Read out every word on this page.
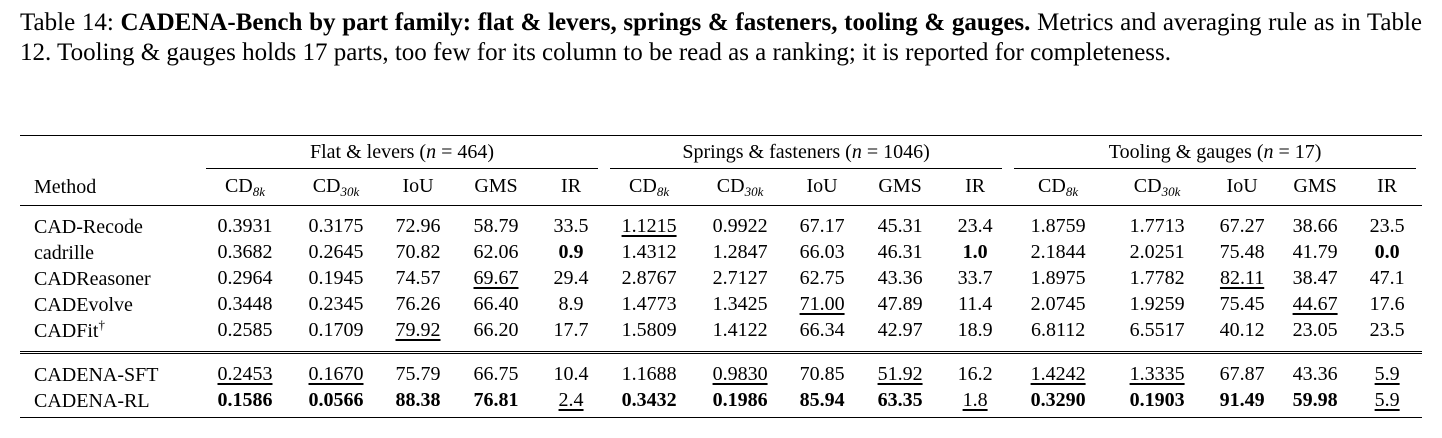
Table 14: CADENA-Bench by part family: flat & levers, springs & fasteners, tooling & gauges. Metrics and averaging rule as in Table 12. Tooling & gauges holds 17 parts, too few for its column to be read as a ranking; it is reported for completeness.
	Flat & levers (n = 464)					Springs & fasteners (n = 1046)					Tooling & gauges (n = 17)				

Method	$CD_{8k}$	$CD_{30k}$	IoU	GMS	IR	$CD_{8k}$	$CD_{30k}$	IoU	GMS	IR	$CD_{8k}$	$CD_{30k}$	IoU	GMS	IR
CAD-Recode	0.3931	0.3175	72.96	58.79	33.5	1.1215	0.9922	67.17	45.31	23.4	1.8759	1.7713	67.27	38.66	23.5
cadrille	0.3682	0.2645	70.82	62.06	0.9	1.4312	1.2847	66.03	46.31	1.0	2.1844	2.0251	75.48	41.79	0.0
CADReasoner	0.2964	0.1945	74.57	69.67	29.4	2.8767	2.7127	62.75	43.36	33.7	1.8975	1.7782	82.11	38.47	47.1
CADEvolve	0.3448	0.2345	76.26	66.40	8.9	1.4773	1.3425	71.00	47.89	11.4	2.0745	1.9259	75.45	44.67	17.6
CADFit†	0.2585	0.1709	79.92	66.20	17.7	1.5809	1.4122	66.34	42.97	18.9	6.8112	6.5517	40.12	23.05	23.5
CADENA-SFT	0.2453	0.1670	75.79	66.75	10.4	1.1688	0.9830	70.85	51.92	16.2	1.4242	1.3335	67.87	43.36	5.9
CADENA-RL	0.1586	0.0566	88.38	76.81	2.4	0.3432	0.1986	85.94	63.35	1.8	0.3290	0.1903	91.49	59.98	5.9
